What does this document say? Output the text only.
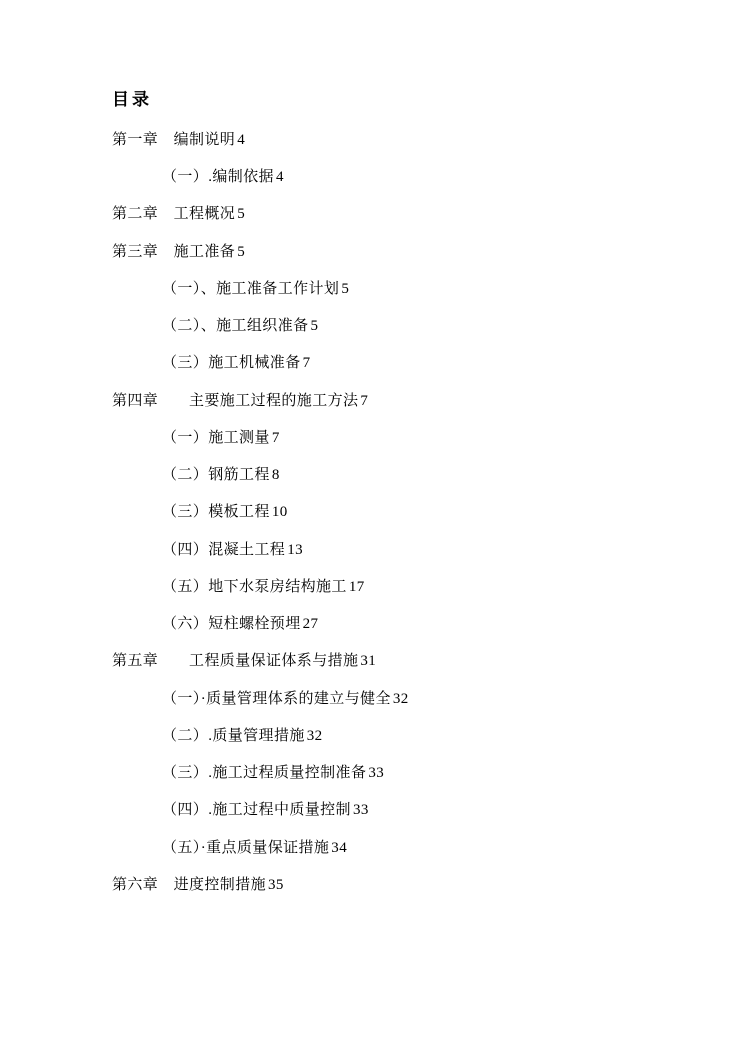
目录
第一章　编制说明 4
（一）.编制依据 4
第二章　工程概况 5
第三章　施工准备 5
（一）、施工准备工作计划 5
（二）、施工组织准备 5
（三）施工机械准备 7
第四章　　主要施工过程的施工方法 7
（一）施工测量 7
（二）钢筋工程 8
（三）模板工程 10
（四）混凝土工程 13
（五）地下水泵房结构施工 17
（六）短柱螺栓预埋 27
第五章　　工程质量保证体系与措施 31
（一）·质量管理体系的建立与健全 32
（二）.质量管理措施 32
（三）.施工过程质量控制准备 33
（四）.施工过程中质量控制 33
（五）·重点质量保证措施 34
第六章　进度控制措施 35
